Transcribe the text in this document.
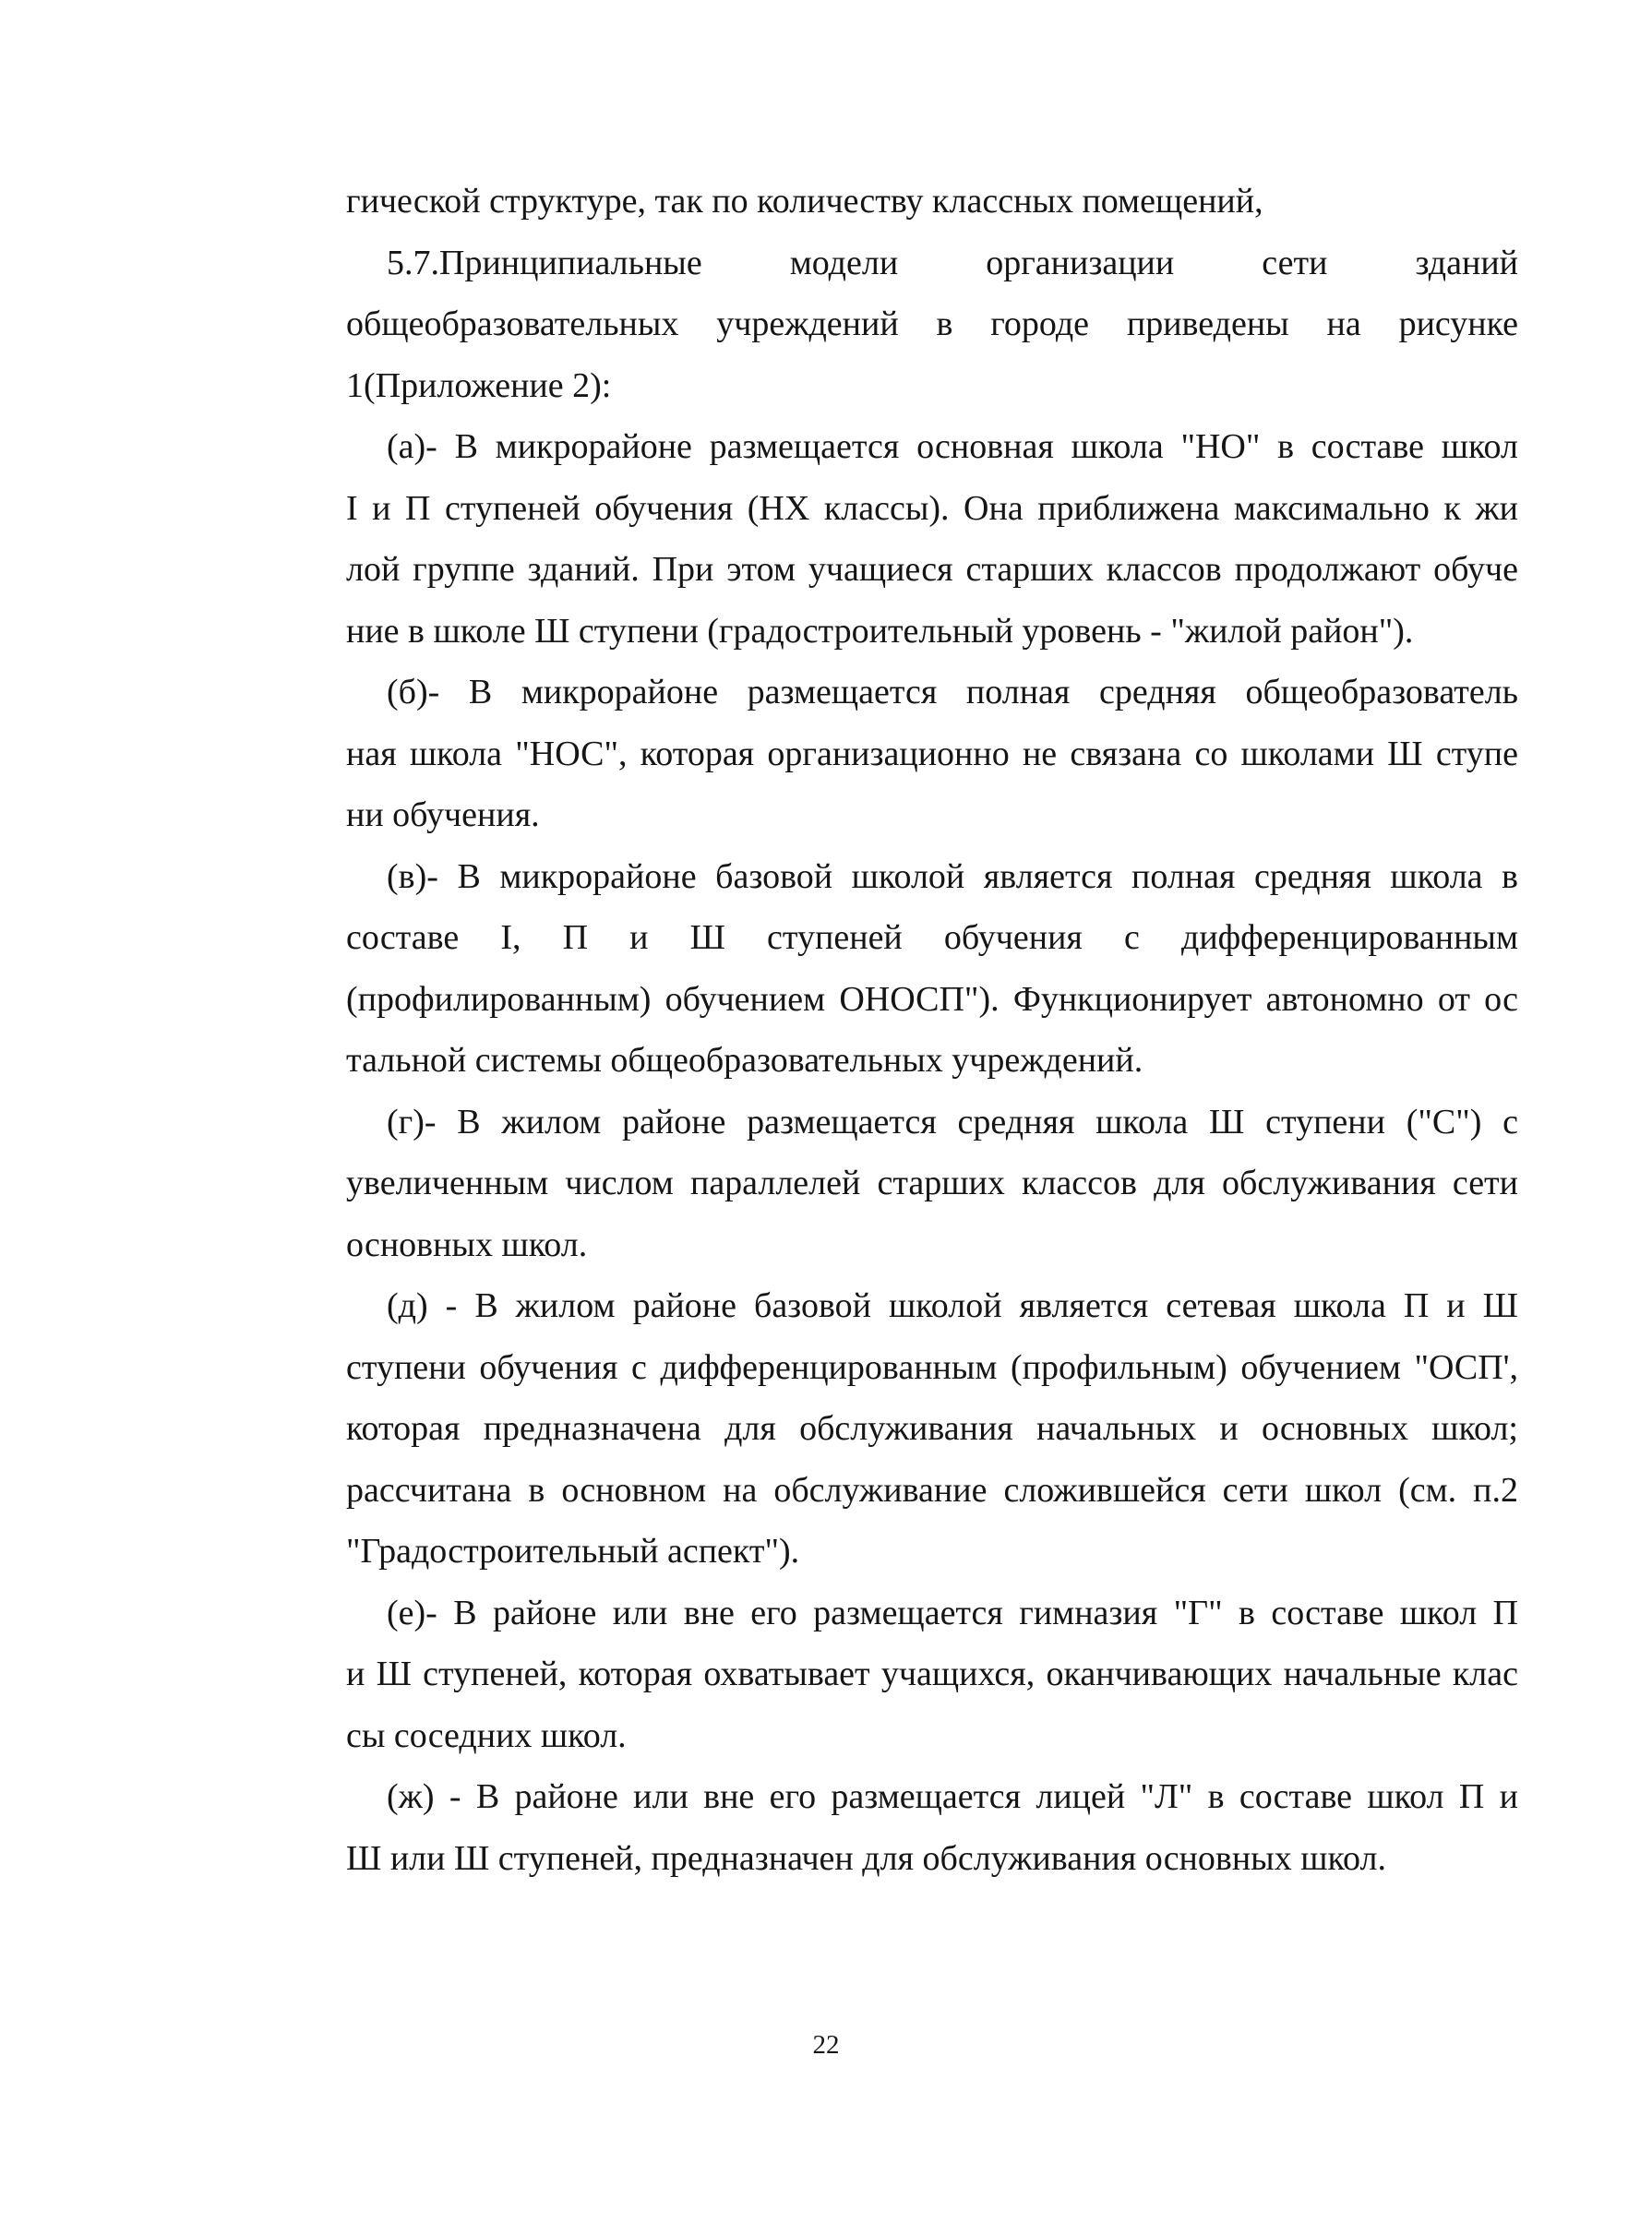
гической структуре, так по количеству классных помещений,
5.7.Принципиальные модели организации сети зданий
общеобразовательных учреждений в городе приведены на рисунке
1(Приложение 2):
(а)- В микрорайоне размещается основная школа "НО" в составе школ
I и П ступеней обучения (НХ классы). Она приближена максимально к жи
лой группе зданий. При этом учащиеся старших классов продолжают обуче
ние в школе Ш ступени (градостроительный уровень - "жилой район").
(б)- В микрорайоне размещается полная средняя общеобразователь
ная школа "НОС", которая организационно не связана со школами Ш ступе
ни обучения.
(в)- В микрорайоне базовой школой является полная средняя школа в
составе I, П и Ш ступеней обучения с дифференцированным
(профилированным) обучением ОНОСП"). Функционирует автономно от ос
тальной системы общеобразовательных учреждений.
(г)- В жилом районе размещается средняя школа Ш ступени ("С") с
увеличенным числом параллелей старших классов для обслуживания сети
основных школ.
(д) - В жилом районе базовой школой является сетевая школа П и Ш
ступени обучения с дифференцированным (профильным) обучением "ОСП',
которая предназначена для обслуживания начальных и основных школ;
рассчитана в основном на обслуживание сложившейся сети школ (см. п.2
"Градостроительный аспект").
(е)- В районе или вне его размещается гимназия "Г" в составе школ П
и Ш ступеней, которая охватывает учащихся, оканчивающих начальные клас
сы соседних школ.
(ж) - В районе или вне его размещается лицей "Л" в составе школ П и
Ш или Ш ступеней, предназначен для обслуживания основных школ.
22
